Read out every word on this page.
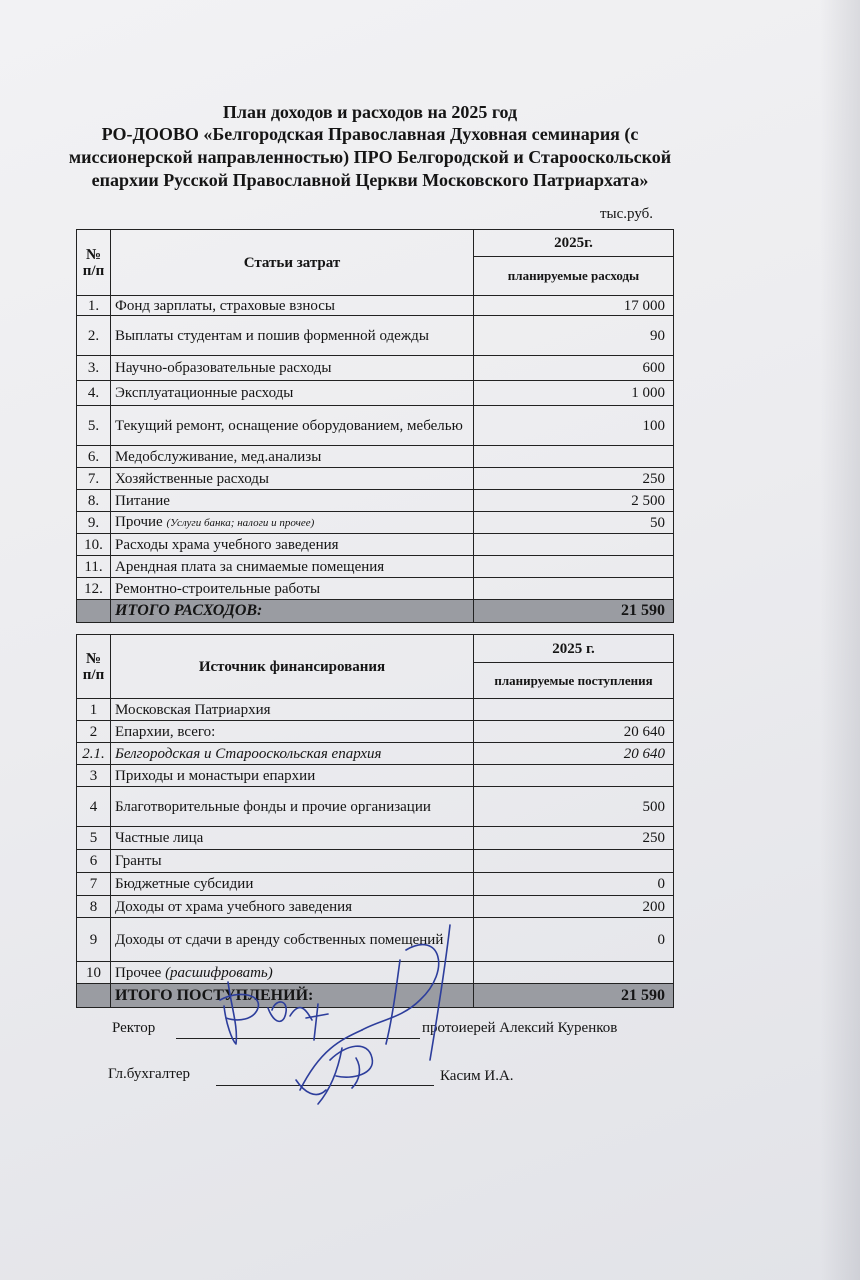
План доходов и расходов на 2025 год
РО-ДООВО «Белгородская Православная Духовная семинария (с
миссионерской направленностью) ПРО Белгородской и Старооскольской
епархии Русской Православной Церкви Московского Патриархата»
тыс.руб.
№ п/п	Статьи затрат	2025г.
		планируемые расходы
1.	Фонд зарплаты, страховые взносы	17 000
2.	Выплаты студентам и пошив форменной одежды	90
3.	Научно-образовательные расходы	600
4.	Эксплуатационные расходы	1 000
5.	Текущий ремонт, оснащение оборудованием, мебелью	100
6.	Медобслуживание, мед.анализы	
7.	Хозяйственные расходы	250
8.	Питание	2 500
9.	Прочие (Услуги банка; налоги и прочее)	50
10.	Расходы храма учебного заведения	
11.	Арендная плата за снимаемые помещения	
12.	Ремонтно-строительные работы	
	ИТОГО РАСХОДОВ:	21 590
№ п/п	Источник финансирования	2025 г.
		планируемые поступления
1	Московская Патриархия	
2	Епархии, всего:	20 640
2.1.	Белгородская и Старооскольская епархия	20 640
3	Приходы и монастыри епархии	
4	Благотворительные фонды и прочие организации	500
5	Частные лица	250
6	Гранты	
7	Бюджетные субсидии	0
8	Доходы от храма учебного заведения	200
9	Доходы от сдачи в аренду собственных помещений	0
10	Прочее (расшифровать)	
	ИТОГО ПОСТУПЛЕНИЙ:	21 590
Ректор	протоиерей Алексий Куренков
Гл.бухгалтер	Касим И.А.
